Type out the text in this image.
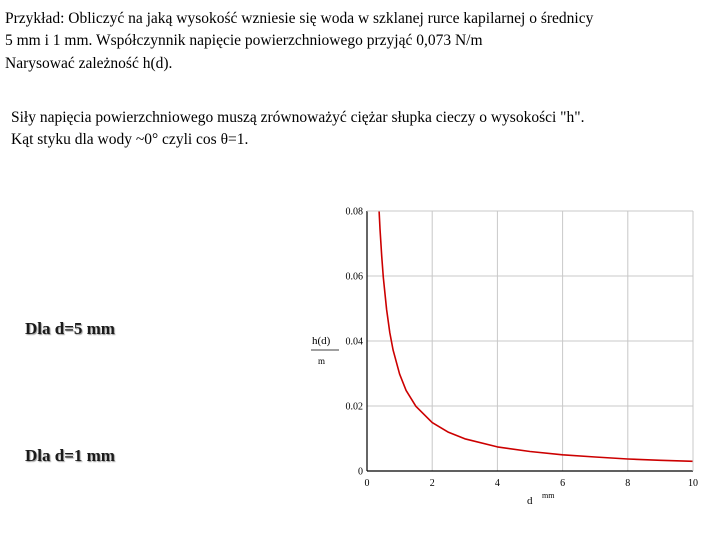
Przykład: Obliczyć na jaką wysokość wzniesie się woda w szklanej rurce kapilarnej o średnicy
5 mm i 1 mm. Współczynnik napięcie powierzchniowego przyjąć 0,073 N/m
Narysować zależność h(d).
Siły napięcia powierzchniowego muszą zrównoważyć ciężar słupka cieczy o wysokości "h".
Kąt styku dla wody ~0° czyli cos θ=1.
Dla d=5 mm
Dla d=1 mm
0	2	4	6	8	10
0
0.02
0.04
0.06
0.08
h(d)
m
d mm
